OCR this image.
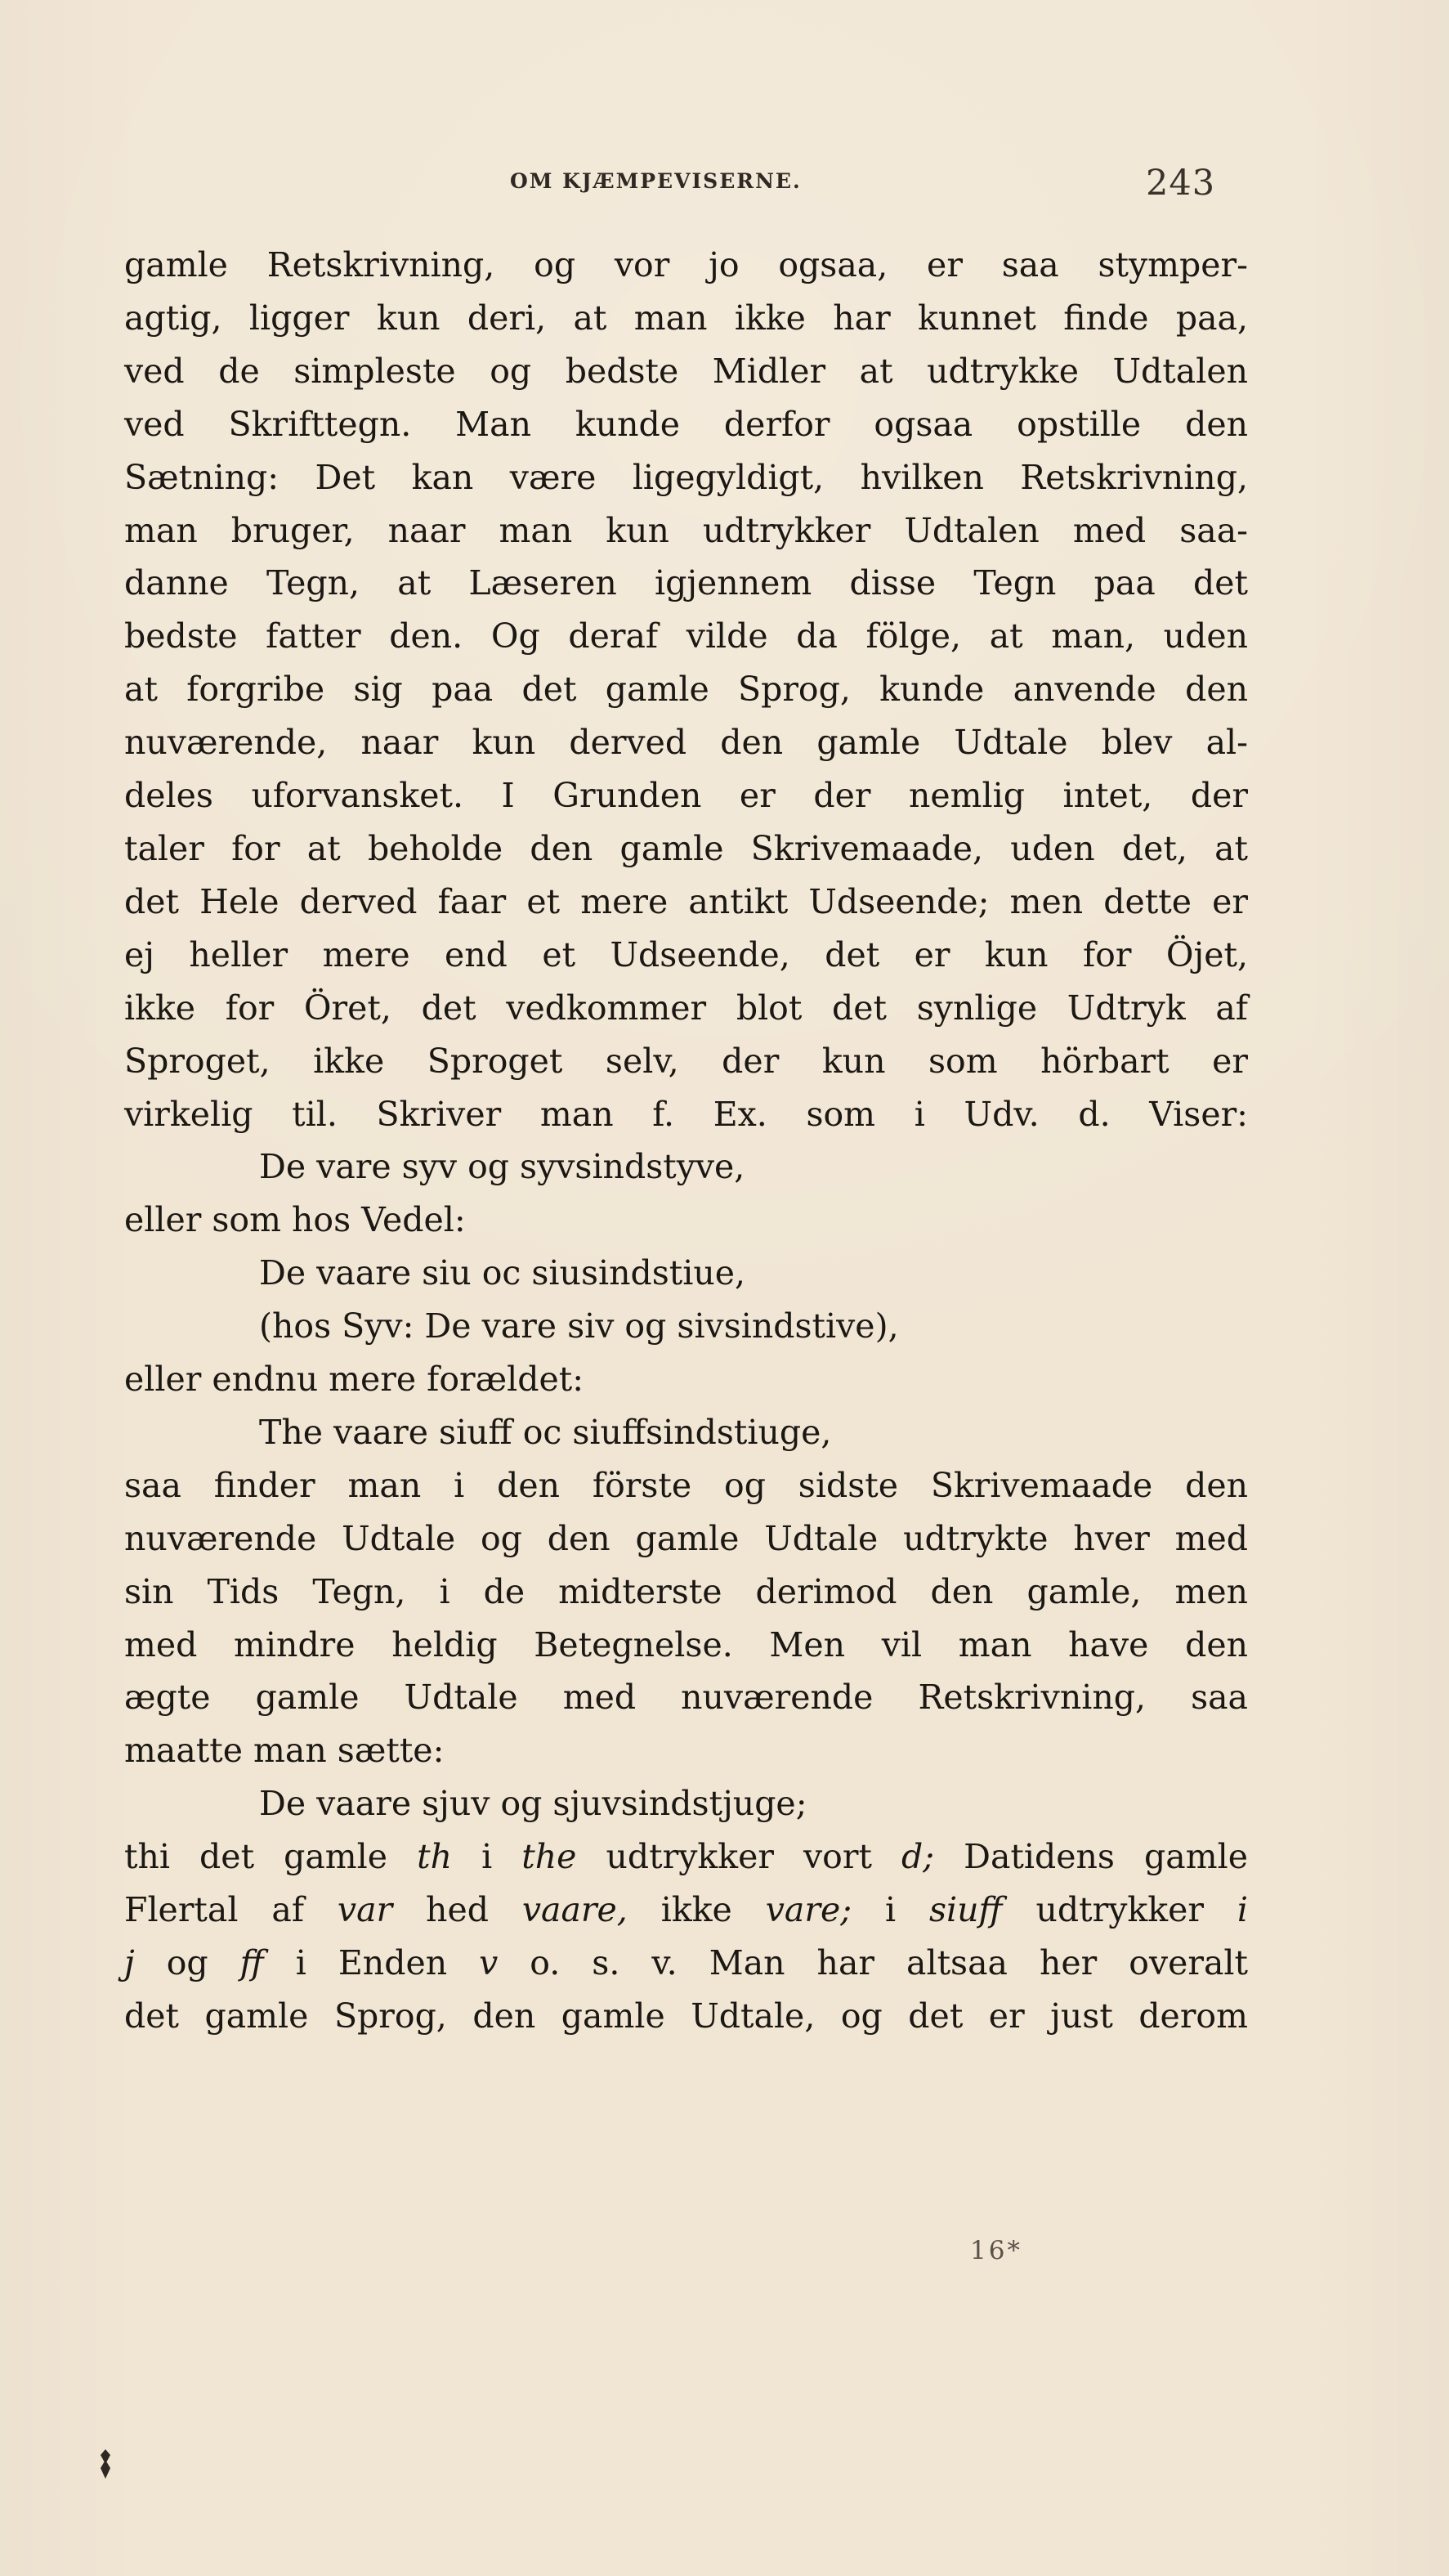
OM KJÆMPEVISERNE.	243
gamle Retskrivning, og vor jo ogsaa, er saa stymper-
agtig, ligger kun deri, at man ikke har kunnet finde paa,
ved de simpleste og bedste Midler at udtrykke Udtalen
ved Skrifttegn. Man kunde derfor ogsaa opstille den
Sætning: Det kan være ligegyldigt, hvilken Retskrivning,
man bruger, naar man kun udtrykker Udtalen med saa-
danne Tegn, at Læseren igjennem disse Tegn paa det
bedste fatter den. Og deraf vilde da fölge, at man, uden
at forgribe sig paa det gamle Sprog, kunde anvende den
nuværende, naar kun derved den gamle Udtale blev al-
deles uforvansket. I Grunden er der nemlig intet, der
taler for at beholde den gamle Skrivemaade, uden det, at
det Hele derved faar et mere antikt Udseende; men dette er
ej heller mere end et Udseende, det er kun for Öjet,
ikke for Öret, det vedkommer blot det synlige Udtryk af
Sproget, ikke Sproget selv, der kun som hörbart er
virkelig til. Skriver man f. Ex. som i Udv. d. Viser:
De vare syv og syvsindstyve,
eller som hos Vedel:
De vaare siu oc siusindstiue,
(hos Syv: De vare siv og sivsindstive),
eller endnu mere forældet:
The vaare siuff oc siuffsindstiuge,
saa finder man i den förste og sidste Skrivemaade den
nuværende Udtale og den gamle Udtale udtrykte hver med
sin Tids Tegn, i de midterste derimod den gamle, men
med mindre heldig Betegnelse. Men vil man have den
ægte gamle Udtale med nuværende Retskrivning, saa
maatte man sætte:
De vaare sjuv og sjuvsindstjuge;
thi det gamle th i the udtrykker vort d; Datidens gamle
Flertal af var hed vaare, ikke vare; i siuff udtrykker i
j og ff i Enden v o. s. v. Man har altsaa her overalt
det gamle Sprog, den gamle Udtale, og det er just derom
16*
